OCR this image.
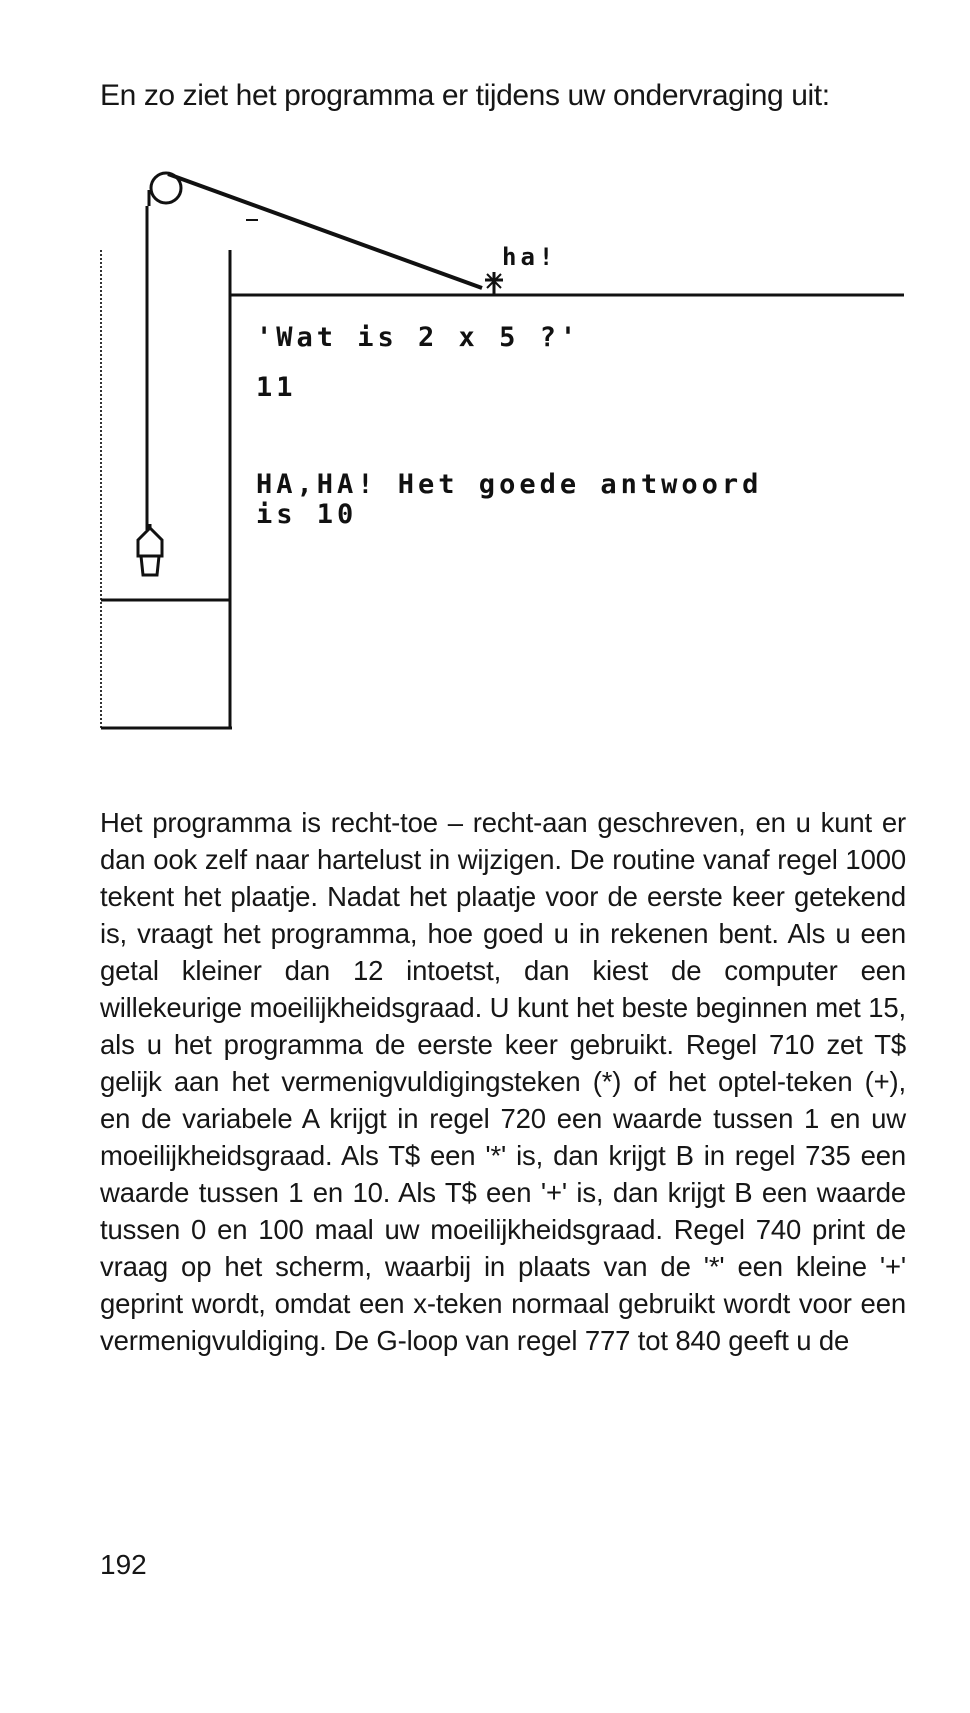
En zo ziet het programma er tijdens uw ondervraging uit:
ha!
'Wat is 2 x 5 ?'
11
HA,HA! Het goede antwoord
is 10
Het programma is recht-toe – recht-aan geschreven, en u kunt er dan ook zelf naar hartelust in wijzigen. De routine vanaf regel 1000 tekent het plaatje. Nadat het plaatje voor de eerste keer getekend is, vraagt het programma, hoe goed u in rekenen bent. Als u een getal kleiner dan 12 intoetst, dan kiest de computer een willekeurige moeilijkheidsgraad. U kunt het beste beginnen met 15, als u het programma de eerste keer gebruikt. Regel 710 zet T$ gelijk aan het vermenigvuldigingsteken (*) of het optel-teken (+), en de variabele A krijgt in regel 720 een waarde tussen 1 en uw moeilijkheidsgraad. Als T$ een '*' is, dan krijgt B in regel 735 een waarde tussen 1 en 10. Als T$ een '+' is, dan krijgt B een waarde tussen 0 en 100 maal uw moeilijkheidsgraad. Regel 740 print de vraag op het scherm, waarbij in plaats van de '*' een kleine '+' geprint wordt, omdat een x-teken normaal gebruikt wordt voor een vermenigvuldiging. De G-loop van regel 777 tot 840 geeft u de
192
